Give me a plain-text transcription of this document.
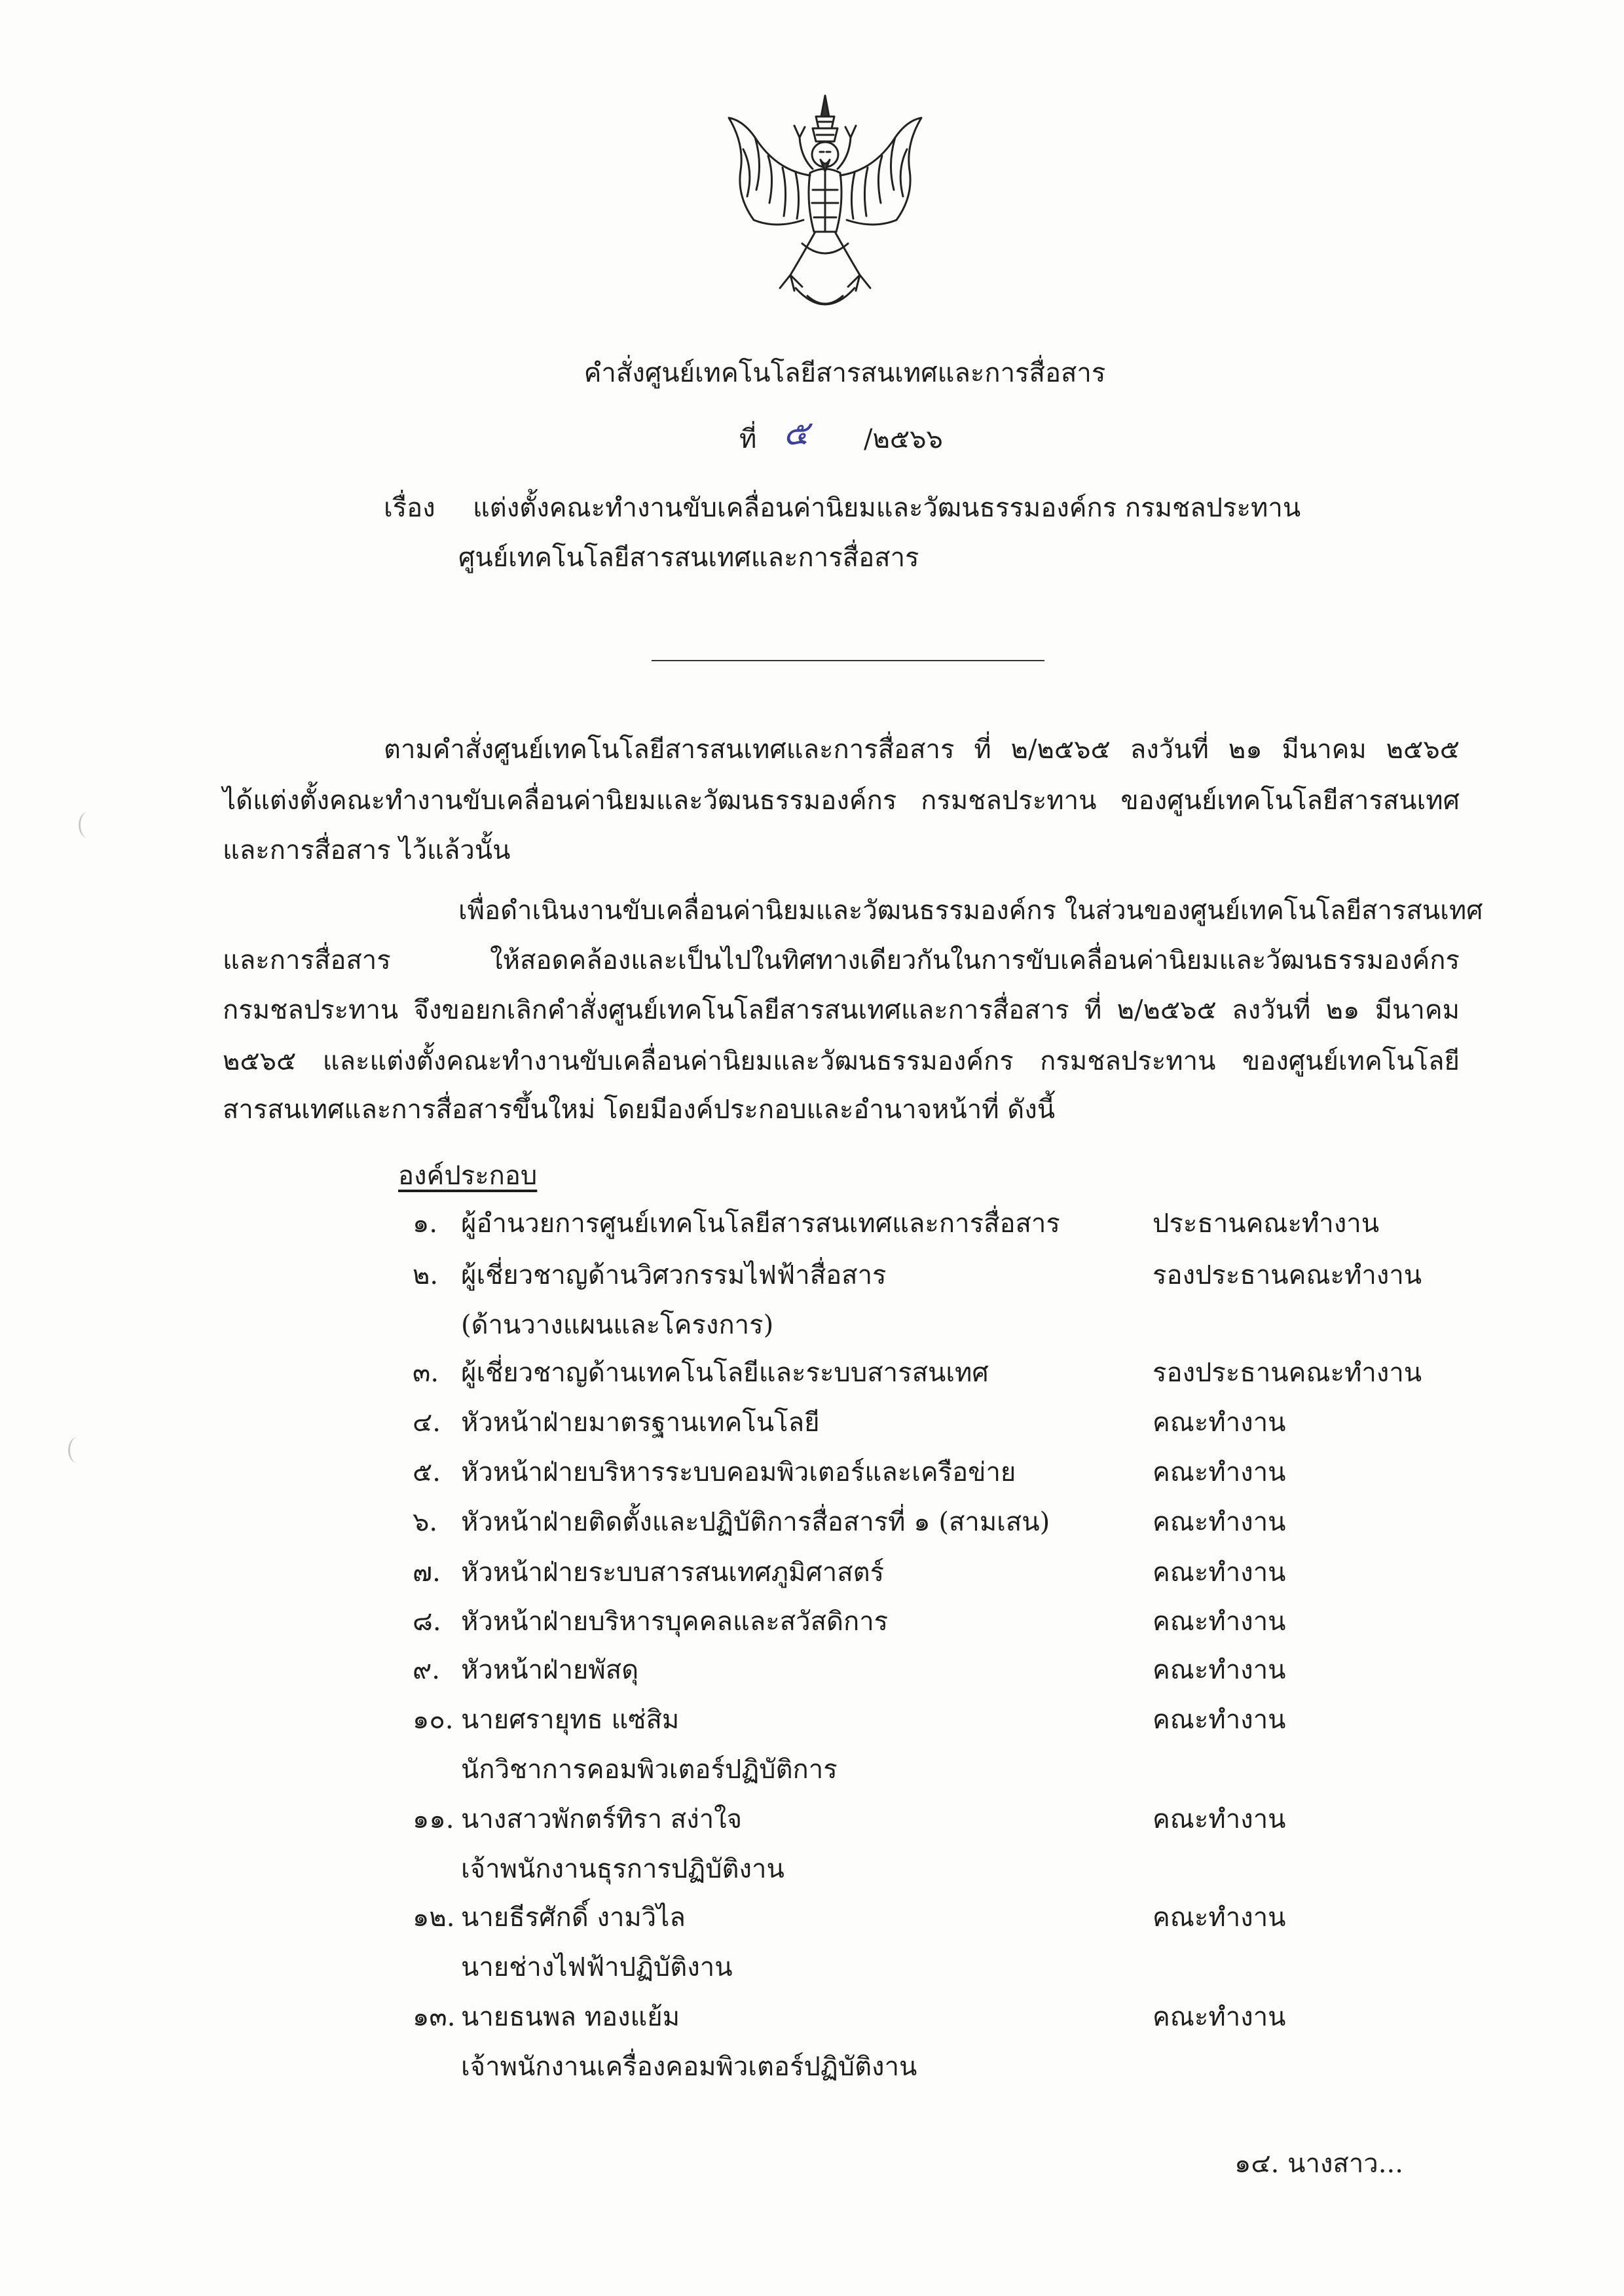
คำสั่งศูนย์เทคโนโลยีสารสนเทศและการสื่อสาร
ที่ ๕ /๒๕๖๖
เรื่อง แต่งตั้งคณะทำงานขับเคลื่อนค่านิยมและวัฒนธรรมองค์กร กรมชลประทาน
ศูนย์เทคโนโลยีสารสนเทศและการสื่อสาร
ตามคำสั่งศูนย์เทคโนโลยีสารสนเทศและการสื่อสาร ที่ ๒/๒๕๖๕ ลงวันที่ ๒๑ มีนาคม ๒๕๖๕
ได้แต่งตั้งคณะทำงานขับเคลื่อนค่านิยมและวัฒนธรรมองค์กร กรมชลประทาน ของศูนย์เทคโนโลยีสารสนเทศ
และการสื่อสาร ไว้แล้วนั้น
เพื่อดำเนินงานขับเคลื่อนค่านิยมและวัฒนธรรมองค์กร ในส่วนของศูนย์เทคโนโลยีสารสนเทศ
และการสื่อสาร ให้สอดคล้องและเป็นไปในทิศทางเดียวกันในการขับเคลื่อนค่านิยมและวัฒนธรรมองค์กร
กรมชลประทาน จึงขอยกเลิกคำสั่งศูนย์เทคโนโลยีสารสนเทศและการสื่อสาร ที่ ๒/๒๕๖๕ ลงวันที่ ๒๑ มีนาคม
๒๕๖๕ และแต่งตั้งคณะทำงานขับเคลื่อนค่านิยมและวัฒนธรรมองค์กร กรมชลประทาน ของศูนย์เทคโนโลยี
สารสนเทศและการสื่อสารขึ้นใหม่ โดยมีองค์ประกอบและอำนาจหน้าที่ ดังนี้
องค์ประกอบ
๑. ผู้อำนวยการศูนย์เทคโนโลยีสารสนเทศและการสื่อสาร	ประธานคณะทำงาน
๒. ผู้เชี่ยวชาญด้านวิศวกรรมไฟฟ้าสื่อสาร	รองประธานคณะทำงาน
(ด้านวางแผนและโครงการ)
๓. ผู้เชี่ยวชาญด้านเทคโนโลยีและระบบสารสนเทศ	รองประธานคณะทำงาน
๔. หัวหน้าฝ่ายมาตรฐานเทคโนโลยี	คณะทำงาน
๕. หัวหน้าฝ่ายบริหารระบบคอมพิวเตอร์และเครือข่าย	คณะทำงาน
๖. หัวหน้าฝ่ายติดตั้งและปฏิบัติการสื่อสารที่ ๑ (สามเสน)	คณะทำงาน
๗. หัวหน้าฝ่ายระบบสารสนเทศภูมิศาสตร์	คณะทำงาน
๘. หัวหน้าฝ่ายบริหารบุคคลและสวัสดิการ	คณะทำงาน
๙. หัวหน้าฝ่ายพัสดุ	คณะทำงาน
๑๐. นายศรายุทธ แซ่สิม	คณะทำงาน
นักวิชาการคอมพิวเตอร์ปฏิบัติการ
๑๑. นางสาวพักตร์ทิรา สง่าใจ	คณะทำงาน
เจ้าพนักงานธุรการปฏิบัติงาน
๑๒. นายธีรศักดิ์ งามวิไล	คณะทำงาน
นายช่างไฟฟ้าปฏิบัติงาน
๑๓. นายธนพล ทองแย้ม	คณะทำงาน
เจ้าพนักงานเครื่องคอมพิวเตอร์ปฏิบัติงาน
๑๔. นางสาว...
